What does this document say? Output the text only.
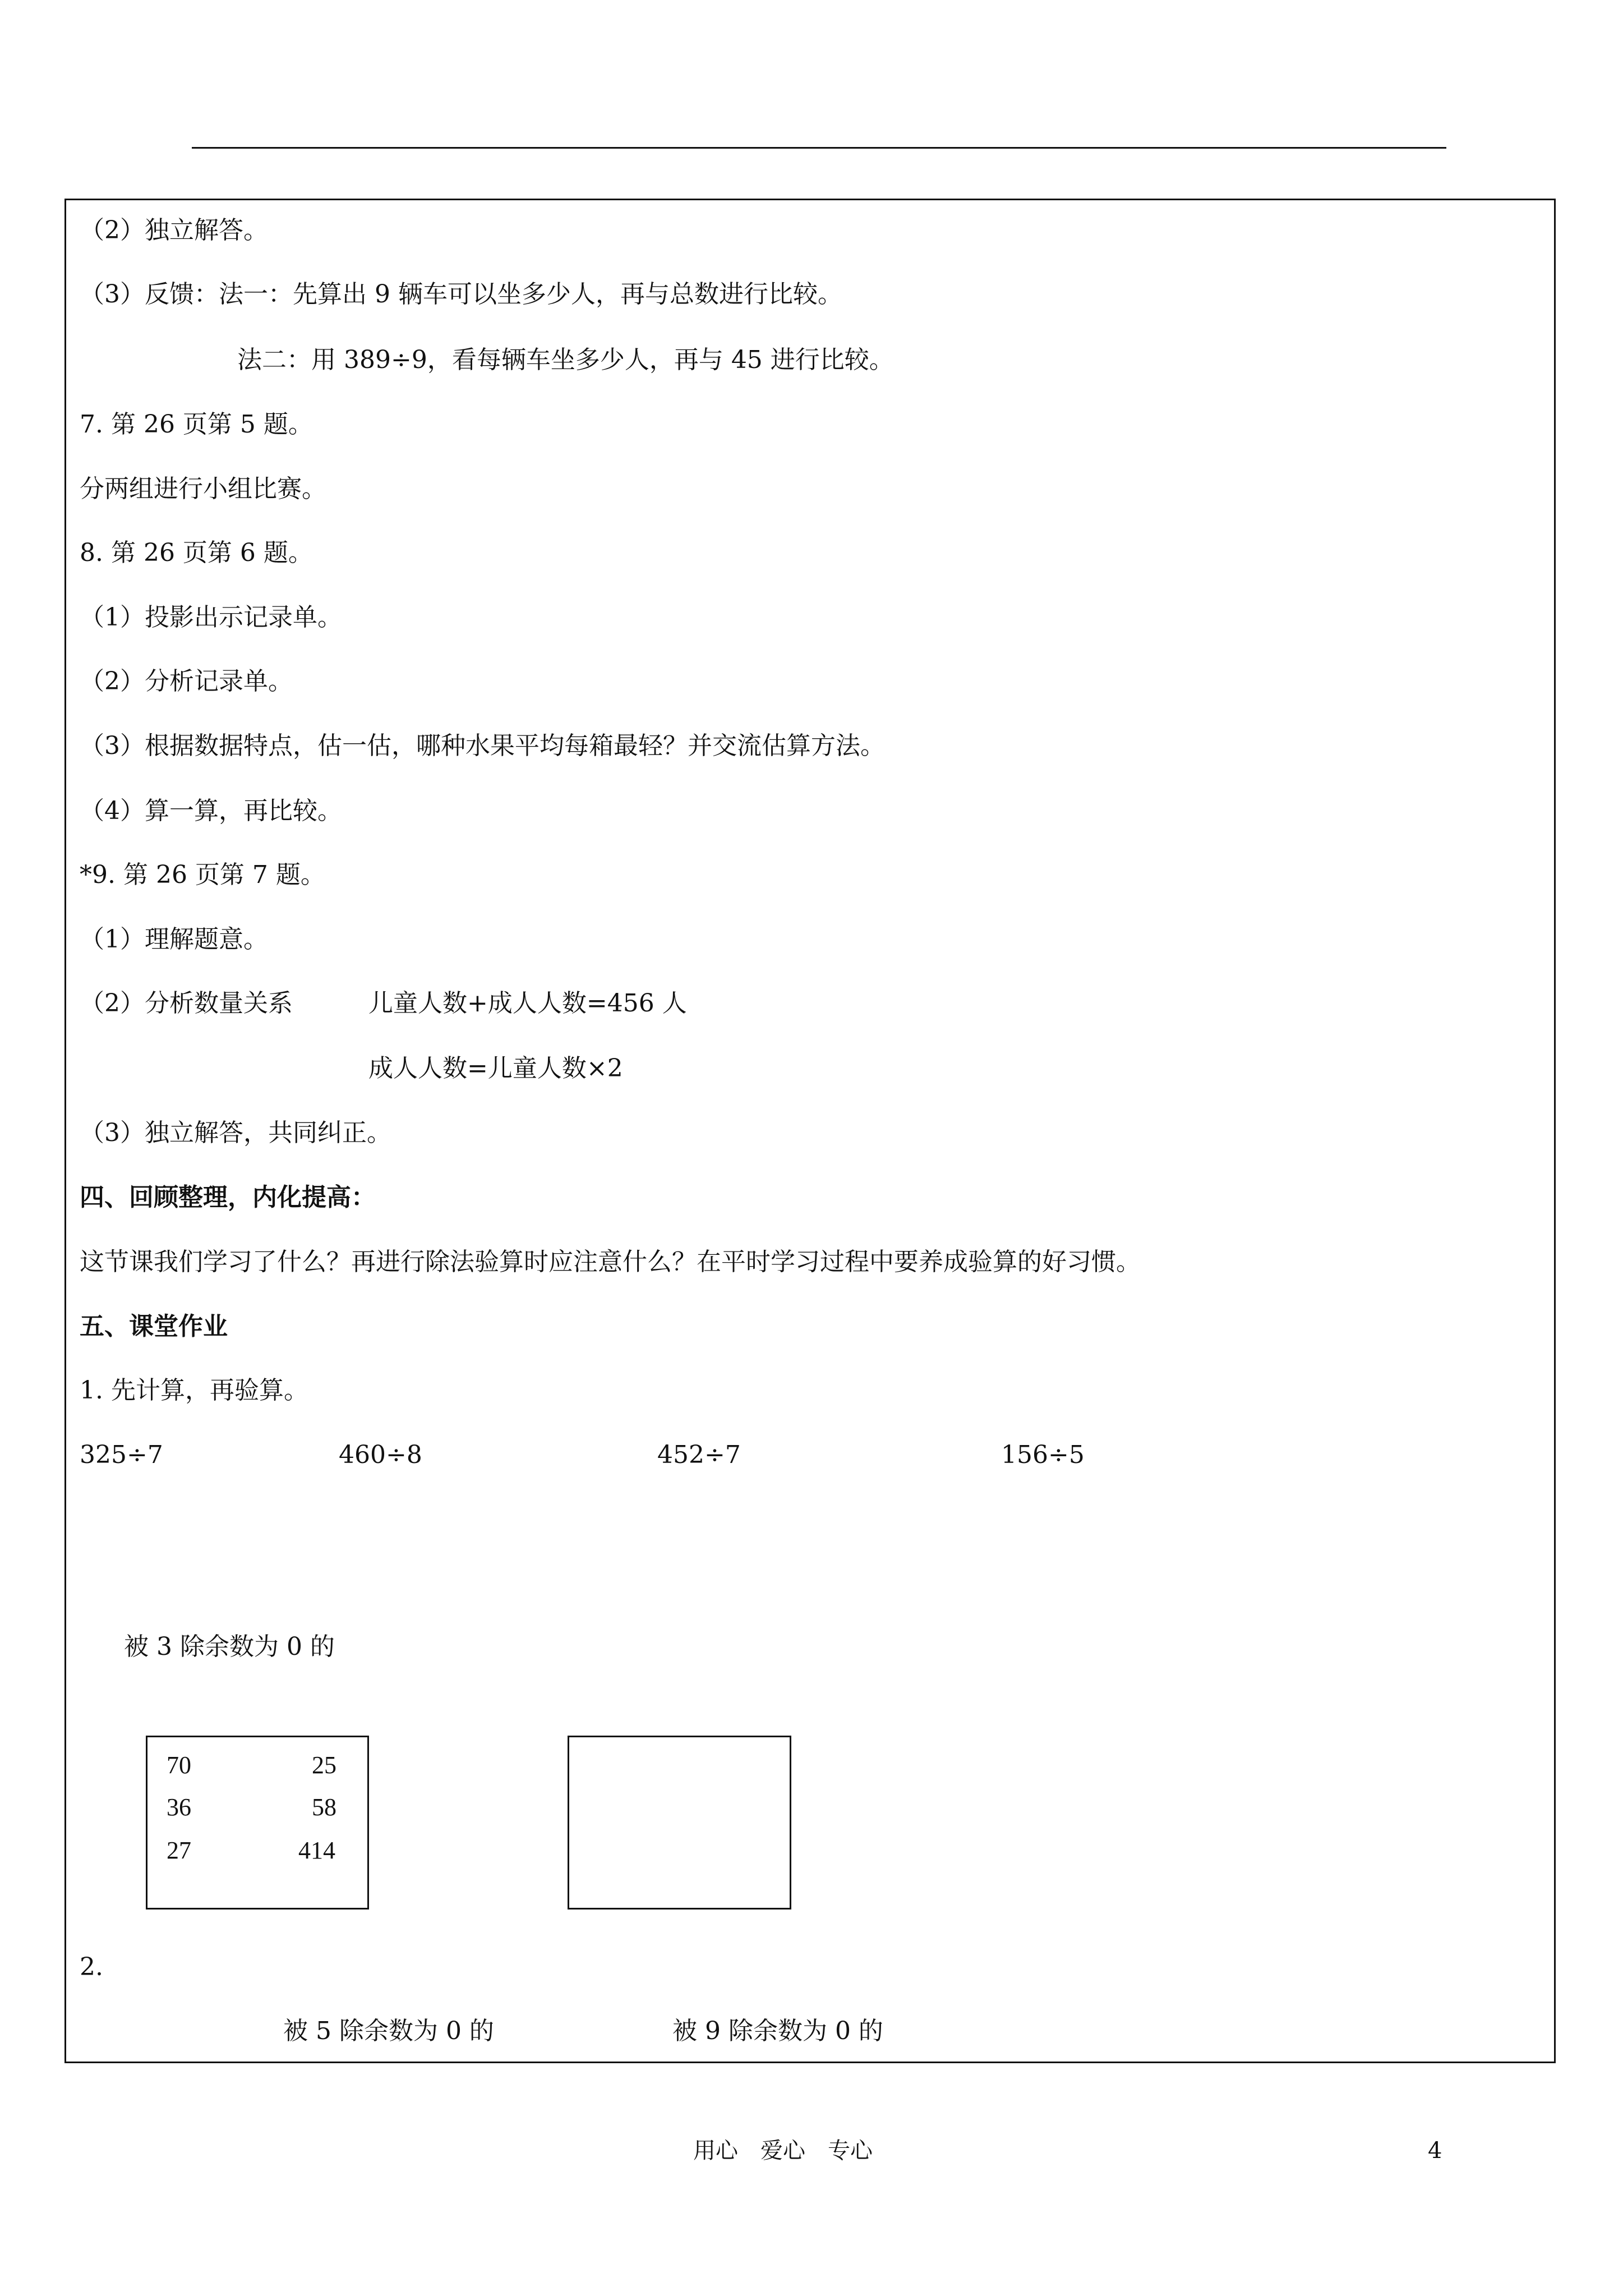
（2）独立解答。
（3）反馈：法一：先算出 9 辆车可以坐多少人，再与总数进行比较。
法二：用 389÷9，看每辆车坐多少人，再与 45 进行比较。
7. 第 26 页第 5 题。
分两组进行小组比赛。
8. 第 26 页第 6 题。
（1）投影出示记录单。
（2）分析记录单。
（3）根据数据特点，估一估，哪种水果平均每箱最轻？并交流估算方法。
（4）算一算，再比较。
*9. 第 26 页第 7 题。
（1）理解题意。
（2）分析数量关系	儿童人数+成人人数=456 人
成人人数=儿童人数×2
（3）独立解答，共同纠正。
四、回顾整理，内化提高：
这节课我们学习了什么？再进行除法验算时应注意什么？在平时学习过程中要养成验算的好习惯。
五、课堂作业
1. 先计算，再验算。
325÷7	460÷8	452÷7	156÷5
被 3 除余数为 0 的
70	25
36	58
27	414
2.
被 5 除余数为 0 的	被 9 除余数为 0 的
用心　爱心　专心	4
